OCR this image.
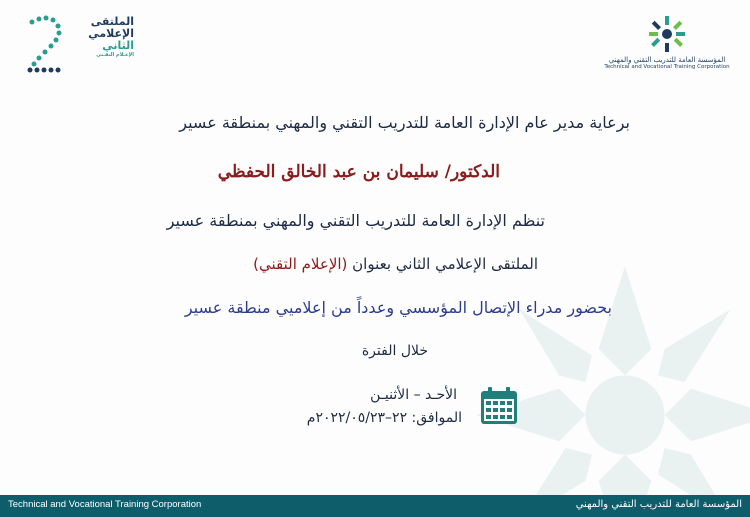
المؤسسة العامة للتدريب التقني والمهني
Technical and Vocational Training Corporation
2
الملتقى
الإعلامي
الثاني
الإعـلام التقـني
برعاية مدير عام الإدارة العامة للتدريب التقني والمهني بمنطقة عسير
الدكتور/ سليمان بن عبد الخالق الحفظي
تنظم الإدارة العامة للتدريب التقني والمهني بمنطقة عسير
الملتقى الإعلامي الثاني بعنوان (الإعلام التقني)
بحضور مدراء الإتصال المؤسسي وعدداً من إعلاميي منطقة عسير
خلال الفترة
الأحـد – الأثنيـن
الموافق: ٢٢–٢٠٢٢/٠٥/٢٣م
Technical and Vocational Training Corporation	المؤسسة العامة للتدريب التقني والمهني
